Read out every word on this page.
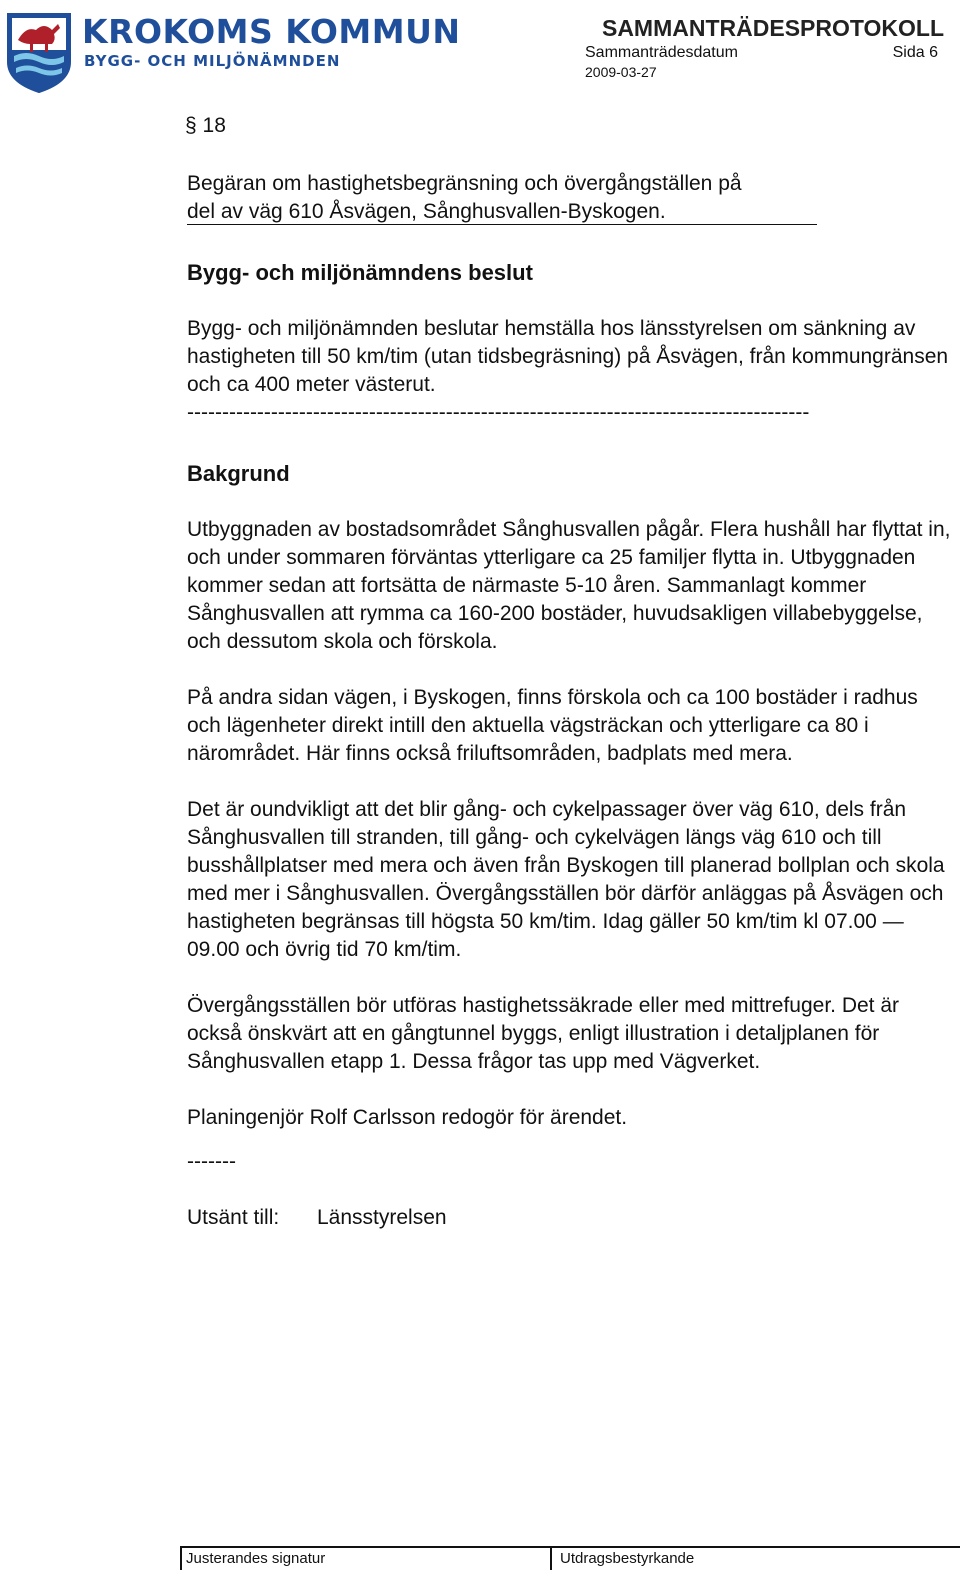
KROKOMS KOMMUN
BYGG- OCH MILJÖNÄMNDEN
SAMMANTRÄDESPROTOKOLL
Sammanträdesdatum	Sida 6
2009-03-27
§ 18
Begäran om hastighetsbegränsning och övergångställen på
del av väg 610 Åsvägen, Sånghusvallen-Byskogen.
Bygg- och miljönämndens beslut

Bygg- och miljönämnden beslutar hemställa hos länsstyrelsen om sänkning av hastigheten till 50 km/tim (utan tidsbegräsning) på Åsvägen, från kommungränsen och ca 400 meter västerut.

-----------------------------------------------------------------------------------------
Bakgrund

Utbyggnaden av bostadsområdet Sånghusvallen pågår. Flera hushåll har flyttat in, och under sommaren förväntas ytterligare ca 25 familjer flytta in. Utbyggnaden kommer sedan att fortsätta de närmaste 5-10 åren. Sammanlagt kommer Sånghusvallen att rymma ca 160-200 bostäder, huvudsakligen villabebyggelse, och dessutom skola och förskola.

På andra sidan vägen, i Byskogen, finns förskola och ca 100 bostäder i radhus och lägenheter direkt intill den aktuella vägsträckan och ytterligare ca 80 i närområdet. Här finns också friluftsområden, badplats med mera.

Det är oundvikligt att det blir gång- och cykelpassager över väg 610, dels från Sånghusvallen till stranden, till gång- och cykelvägen längs väg 610 och till busshållplatser med mera och även från Byskogen till planerad bollplan och skola med mer i Sånghusvallen. Övergångsställen bör därför anläggas på Åsvägen och hastigheten begränsas till högsta 50 km/tim. Idag gäller 50 km/tim kl 07.00 — 09.00 och övrig tid 70 km/tim.

Övergångsställen bör utföras hastighetssäkrade eller med mittrefuger. Det är också önskvärt att en gångtunnel byggs, enligt illustration i detaljplanen för Sånghusvallen etapp 1. Dessa frågor tas upp med Vägverket.

Planingenjör Rolf Carlsson redogör för ärendet.

-------
Utsänt till: Länsstyrelsen
Justerandes signatur	Utdragsbestyrkande
